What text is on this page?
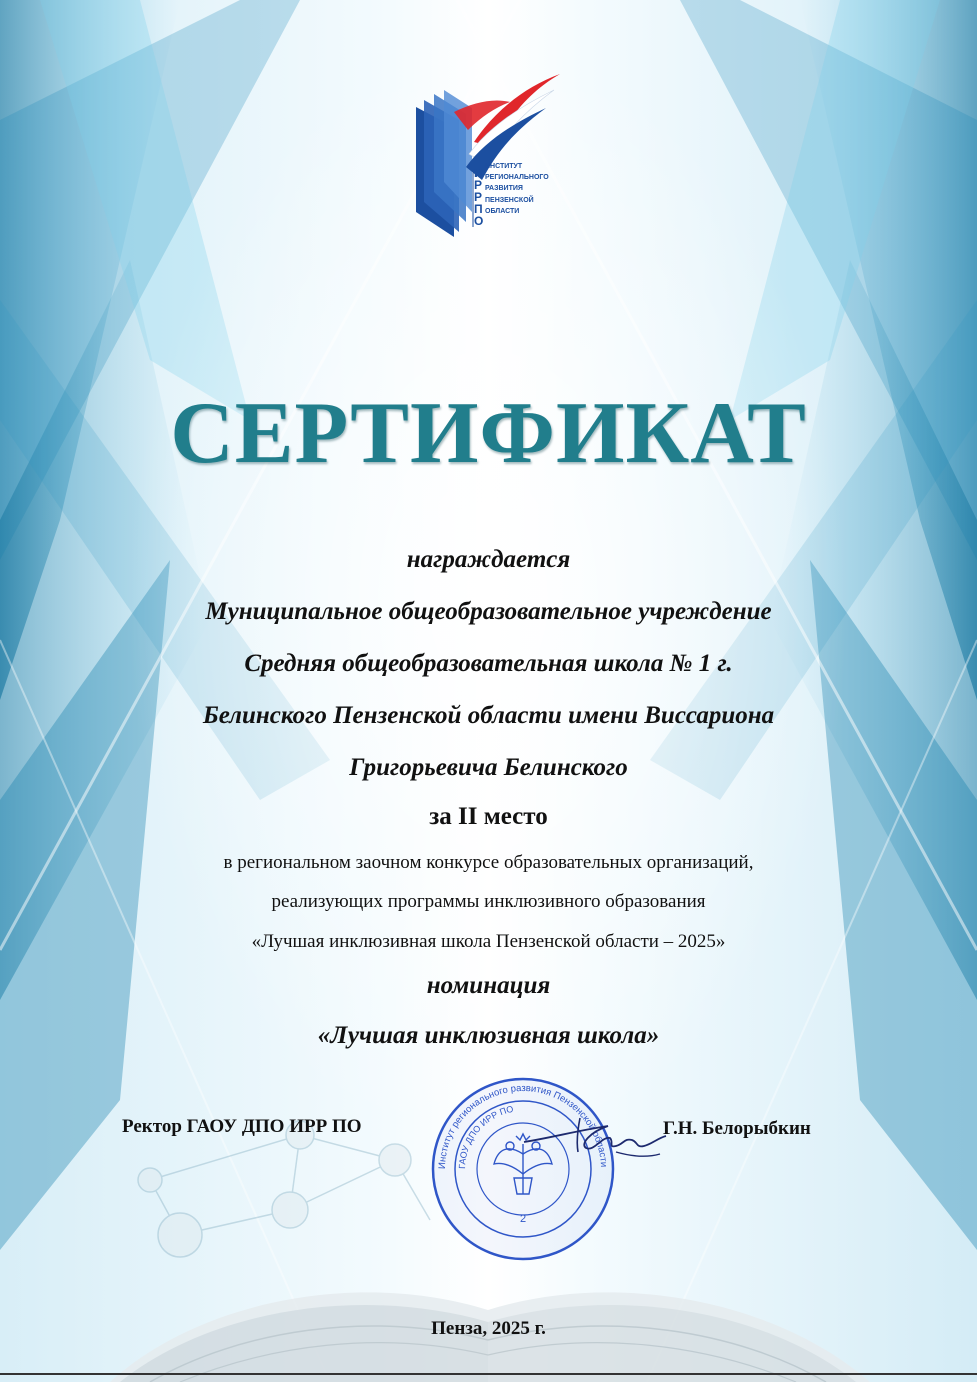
И
Р
Р
П
О
ИНСТИТУТ
РЕГИОНАЛЬНОГО
РАЗВИТИЯ
ПЕНЗЕНСКОЙ
ОБЛАСТИ
СЕРТИФИКАТ
награждается
Муниципальное общеобразовательное учреждение
Средняя общеобразовательная школа № 1 г.
Белинского Пензенской области имени Виссариона
Григорьевича Белинского
за II место
в региональном заочном конкурсе образовательных организаций,
реализующих программы инклюзивного образования
«Лучшая инклюзивная школа Пензенской области – 2025»
номинация
«Лучшая инклюзивная школа»
Институт регионального развития Пензенской области
ГАОУ ДПО ИРР ПО
2
Ректор ГАОУ ДПО ИРР ПО	Г.Н. Белорыбкин
Пенза, 2025 г.
